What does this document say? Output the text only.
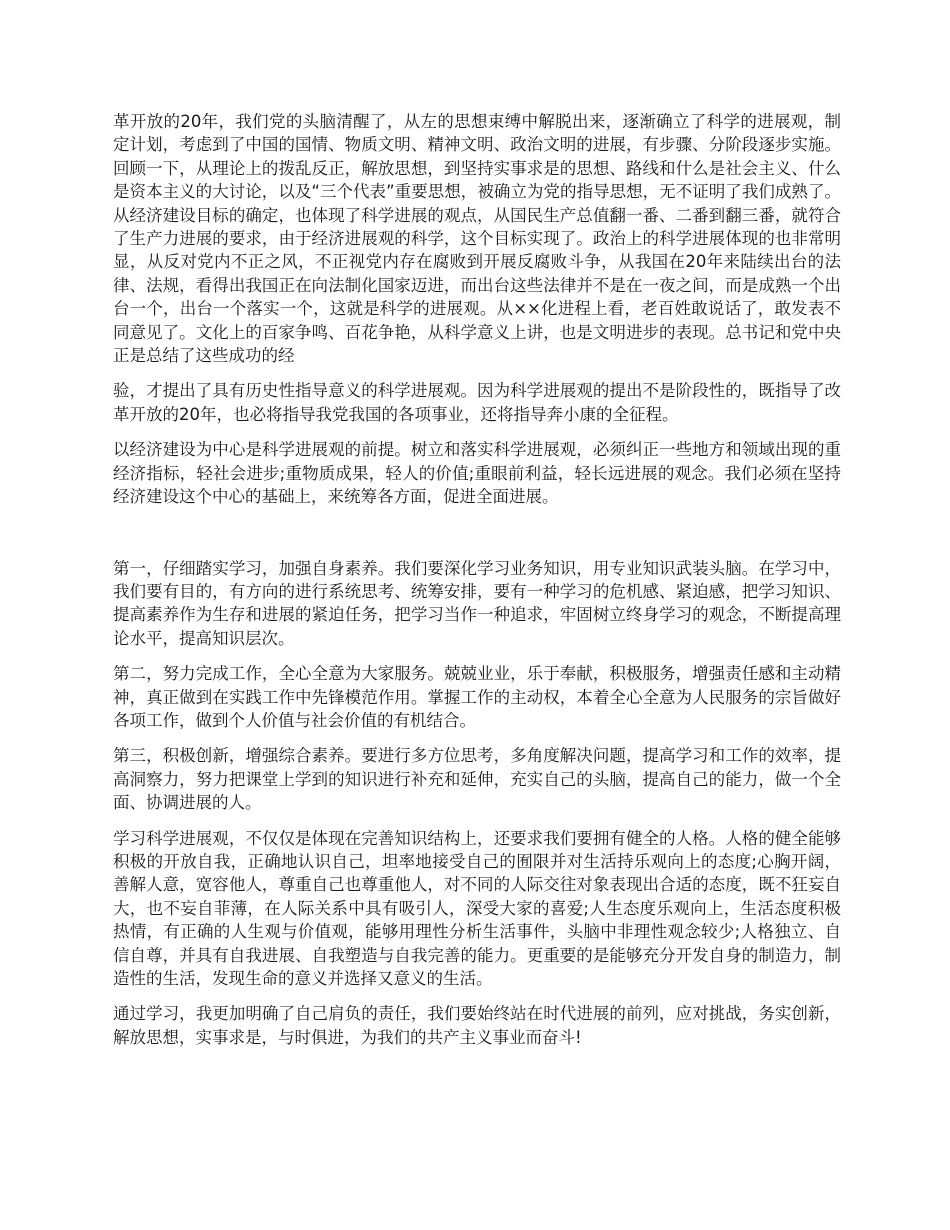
革开放的20年，我们党的头脑清醒了，从左的思想束缚中解脱出来，逐渐确立了科学的进展观，制定计划，考虑到了中国的国情、物质文明、精神文明、政治文明的进展，有步骤、分阶段逐步实施。回顾一下，从理论上的拨乱反正，解放思想，到坚持实事求是的思想、路线和什么是社会主义、什么是资本主义的大讨论，以及“三个代表”重要思想，被确立为党的指导思想，无不证明了我们成熟了。从经济建设目标的确定，也体现了科学进展的观点，从国民生产总值翻一番、二番到翻三番，就符合了生产力进展的要求，由于经济进展观的科学，这个目标实现了。政治上的科学进展体现的也非常明显，从反对党内不正之风，不正视党内存在腐败到开展反腐败斗争，从我国在20年来陆续出台的法律、法规，看得出我国正在向法制化国家迈进，而出台这些法律并不是在一夜之间，而是成熟一个出台一个，出台一个落实一个，这就是科学的进展观。从××化进程上看，老百姓敢说话了，敢发表不同意见了。文化上的百家争鸣、百花争艳，从科学意义上讲，也是文明进步的表现。总书记和党中央正是总结了这些成功的经

验，才提出了具有历史性指导意义的科学进展观。因为科学进展观的提出不是阶段性的，既指导了改革开放的20年，也必将指导我党我国的各项事业，还将指导奔小康的全征程。

以经济建设为中心是科学进展观的前提。树立和落实科学进展观，必须纠正一些地方和领域出现的重经济指标，轻社会进步;重物质成果，轻人的价值;重眼前利益，轻长远进展的观念。我们必须在坚持经济建设这个中心的基础上，来统筹各方面，促进全面进展。

第一，仔细踏实学习，加强自身素养。我们要深化学习业务知识，用专业知识武装头脑。在学习中，我们要有目的，有方向的进行系统思考、统筹安排，要有一种学习的危机感、紧迫感，把学习知识、提高素养作为生存和进展的紧迫任务，把学习当作一种追求，牢固树立终身学习的观念，不断提高理论水平，提高知识层次。

第二，努力完成工作，全心全意为大家服务。兢兢业业，乐于奉献，积极服务，增强责任感和主动精神，真正做到在实践工作中先锋模范作用。掌握工作的主动权，本着全心全意为人民服务的宗旨做好各项工作，做到个人价值与社会价值的有机结合。

第三，积极创新，增强综合素养。要进行多方位思考，多角度解决问题，提高学习和工作的效率，提高洞察力，努力把课堂上学到的知识进行补充和延伸，充实自己的头脑，提高自己的能力，做一个全面、协调进展的人。

学习科学进展观，不仅仅是体现在完善知识结构上，还要求我们要拥有健全的人格。人格的健全能够积极的开放自我，正确地认识自己，坦率地接受自己的囿限并对生活持乐观向上的态度;心胸开阔，善解人意，宽容他人，尊重自己也尊重他人，对不同的人际交往对象表现出合适的态度，既不狂妄自大，也不妄自菲薄，在人际关系中具有吸引人，深受大家的喜爱;人生态度乐观向上，生活态度积极热情，有正确的人生观与价值观，能够用理性分析生活事件，头脑中非理性观念较少;人格独立、自信自尊，并具有自我进展、自我塑造与自我完善的能力。更重要的是能够充分开发自身的制造力，制造性的生活，发现生命的意义并选择又意义的生活。

通过学习，我更加明确了自己肩负的责任，我们要始终站在时代进展的前列，应对挑战，务实创新，解放思想，实事求是，与时俱进，为我们的共产主义事业而奋斗!
